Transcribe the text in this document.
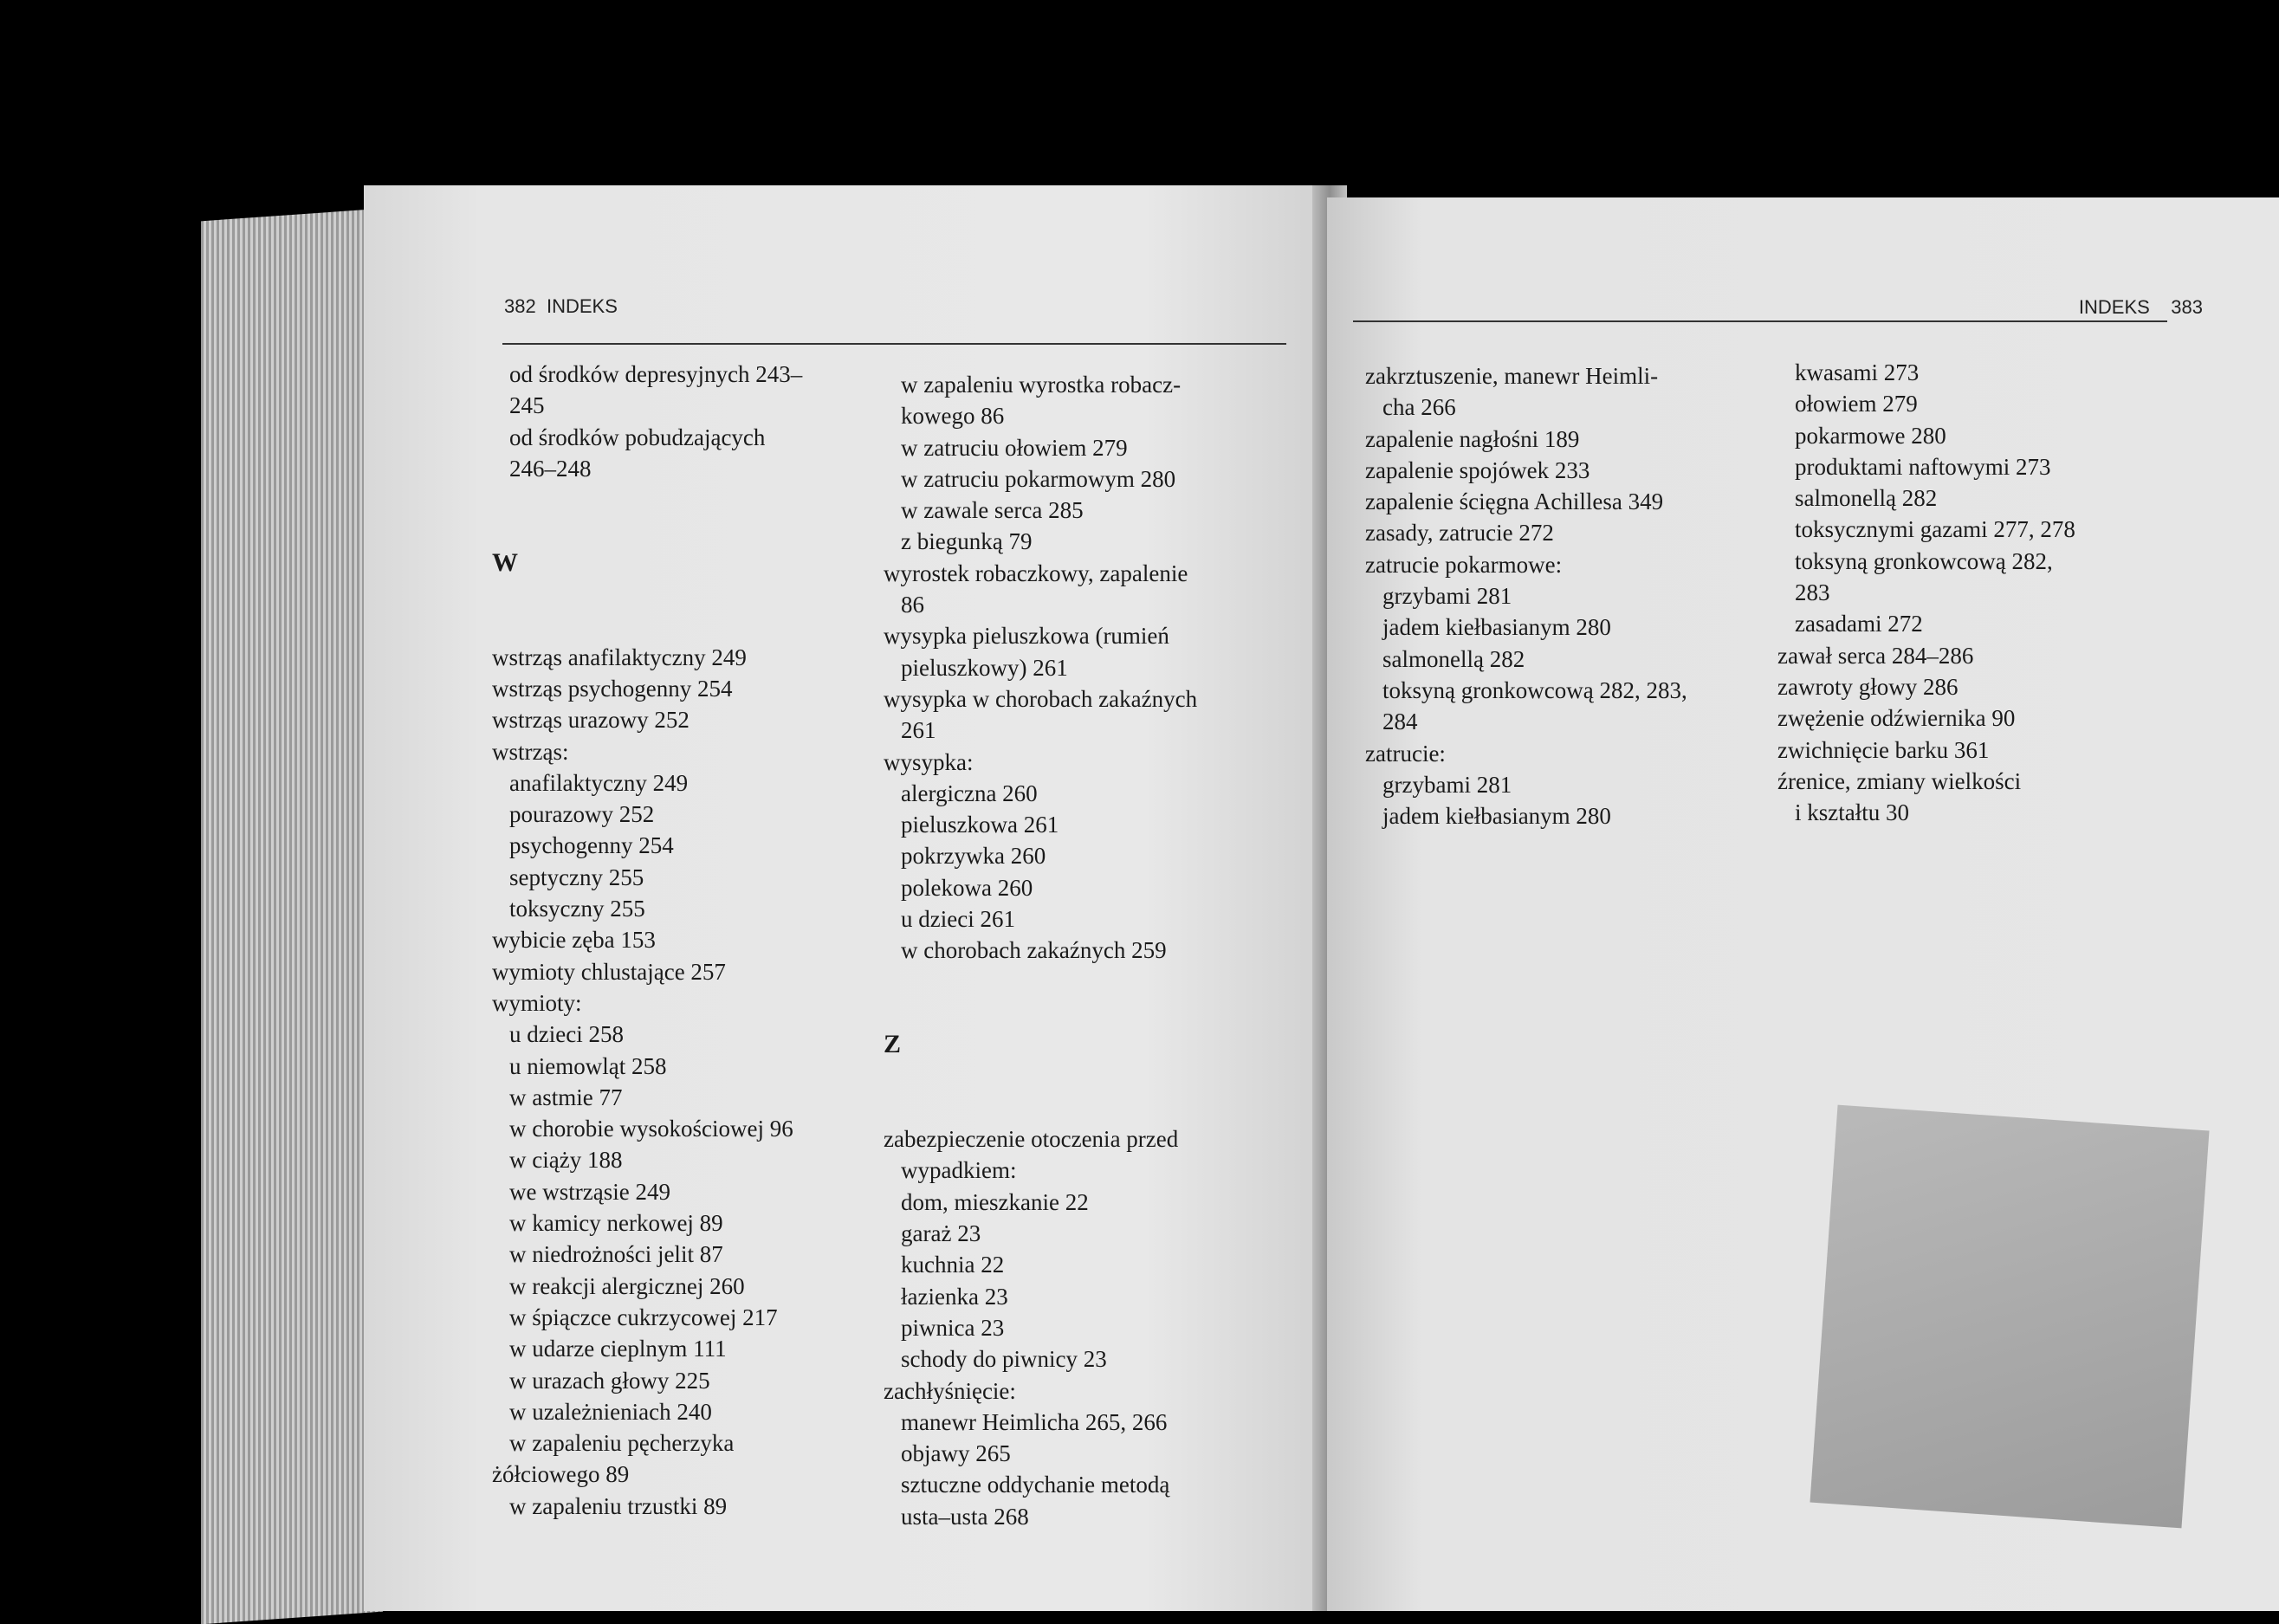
382 INDEKS
od środków depresyjnych 243–
245
od środków pobudzających
246–248

W

wstrząs anafilaktyczny 249
wstrząs psychogenny 254
wstrząs urazowy 252
wstrząs:
anafilaktyczny 249
pourazowy 252
psychogenny 254
septyczny 255
toksyczny 255
wybicie zęba 153
wymioty chlustające 257
wymioty:
u dzieci 258
u niemowląt 258
w astmie 77
w chorobie wysokościowej 96
w ciąży 188
we wstrząsie 249
w kamicy nerkowej 89
w niedrożności jelit 87
w reakcji alergicznej 260
w śpiączce cukrzycowej 217
w udarze cieplnym 111
w urazach głowy 225
w uzależnieniach 240
w zapaleniu pęcherzyka
żółciowego 89
w zapaleniu trzustki 89
w zapaleniu wyrostka robacz-
kowego 86
w zatruciu ołowiem 279
w zatruciu pokarmowym 280
w zawale serca 285
z biegunką 79
wyrostek robaczkowy, zapalenie
86
wysypka pieluszkowa (rumień
pieluszkowy) 261
wysypka w chorobach zakaźnych
261
wysypka:
alergiczna 260
pieluszkowa 261
pokrzywka 260
polekowa 260
u dzieci 261
w chorobach zakaźnych 259

Z

zabezpieczenie otoczenia przed
wypadkiem:
dom, mieszkanie 22
garaż 23
kuchnia 22
łazienka 23
piwnica 23
schody do piwnicy 23
zachłyśnięcie:
manewr Heimlicha 265, 266
objawy 265
sztuczne oddychanie metodą
usta–usta 268
INDEKS 383
zakrztuszenie, manewr Heimli-
cha 266
zapalenie nagłośni 189
zapalenie spojówek 233
zapalenie ścięgna Achillesa 349
zasady, zatrucie 272
zatrucie pokarmowe:
grzybami 281
jadem kiełbasianym 280
salmonellą 282
toksyną gronkowcową 282, 283,
284
zatrucie:
grzybami 281
jadem kiełbasianym 280
kwasami 273
ołowiem 279
pokarmowe 280
produktami naftowymi 273
salmonellą 282
toksycznymi gazami 277, 278
toksyną gronkowcową 282,
283
zasadami 272
zawał serca 284–286
zawroty głowy 286
zwężenie odźwiernika 90
zwichnięcie barku 361
źrenice, zmiany wielkości
i kształtu 30
